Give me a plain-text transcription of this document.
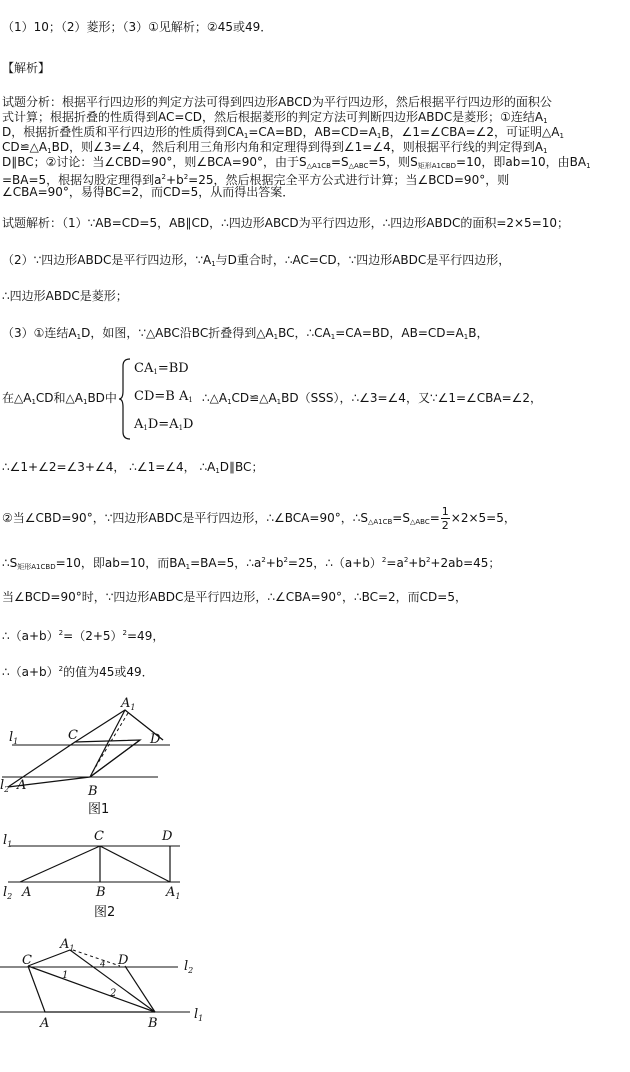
（1）10；（2）菱形；（3）①见解析；②45或49．
【解析】
试题分析：根据平行四边形的判定方法可得到四边形ABCD为平行四边形，然后根据平行四边形的面积公
式计算；根据折叠的性质得到AC=CD，然后根据菱形的判定方法可判断四边形ABDC是菱形；①连结$A_1$
D，根据折叠性质和平行四边形的性质得到$CA_1=CA=BD$，$AB=CD=A_1B$，∠1=∠CBA=∠2，可证明$\triangle A_1$
$CD≌\triangle A_1BD$，则∠3=∠4，然后利用三角形内角和定理得到得到∠1=∠4，则根据平行线的判定得到$A_1$
D∥BC；②讨论：当∠CBD=90°，则∠BCA=90°，由于$S_{\triangle A1CB}=S_{\triangle ABC}=5$，则$S_{矩形A1CBD}=10$，即ab=10，由$BA_1$
=BA=5，根据勾股定理得到$a^2+b^2=25$，然后根据完全平方公式进行计算；当∠BCD=90°，则
∠CBA=90°，易得BC=2，而CD=5，从而得出答案．
试题解析：（1）∵AB=CD=5，AB∥CD，∴四边形ABCD为平行四边形，∴四边形ABDC的面积=2×5=10；
（2）∵四边形ABDC是平行四边形，$\because A_1$与D重合时，∴AC=CD，∵四边形ABDC是平行四边形，
∴四边形ABDC是菱形；
（3）①连结$A_1D$，如图，∵△ABC沿BC折叠得到$\triangle A_1BC$，$\therefore CA_1=CA=BD$，$AB=CD=A_1B$，
在$\triangle A_1CD$和$\triangle A_1BD$中
$CA_1=BD$
CD=B $A_1$
$A_1D=A_1D$
$\therefore\triangle A_1CD≌\triangle A_1BD(SSS)$，∴∠3=∠4，又∵∠1=∠CBA=∠2，
∴∠1+∠2=∠3+∠4， ∴∠1=∠4， $\therefore A_1D\parallel BC$；
②当∠CBD=90°，∵四边形ABDC是平行四边形，∴∠BCA=90°，$\therefore S_{\triangle A1CB}=S_{\triangle ABC}= \frac{1}{2} \times 2\times 5=5$，
$\therefore S_{矩形A1CBD}=10$，即ab=10，而$BA_1=BA=5$，$\therefore a^2+b^2=25$，$\therefore(a+b)^2=a^2+b^2+2ab=45$；
当∠BCD=90°时，∵四边形ABDC是平行四边形，∴∠CBA=90°，∴BC=2，而CD=5，
$\therefore(a+b)^2=(2+5)^2=49$，
$\therefore(a+b)^2$的值为45或49．
$l_1$
$l_2$
$A_1$
C	D
A	B
图1
$l_1$
$l_2$
C	D
A	B	$A_1$
图2
$A_1$
C	D
A	B
1
2
4	$l_2$
$l_1$
